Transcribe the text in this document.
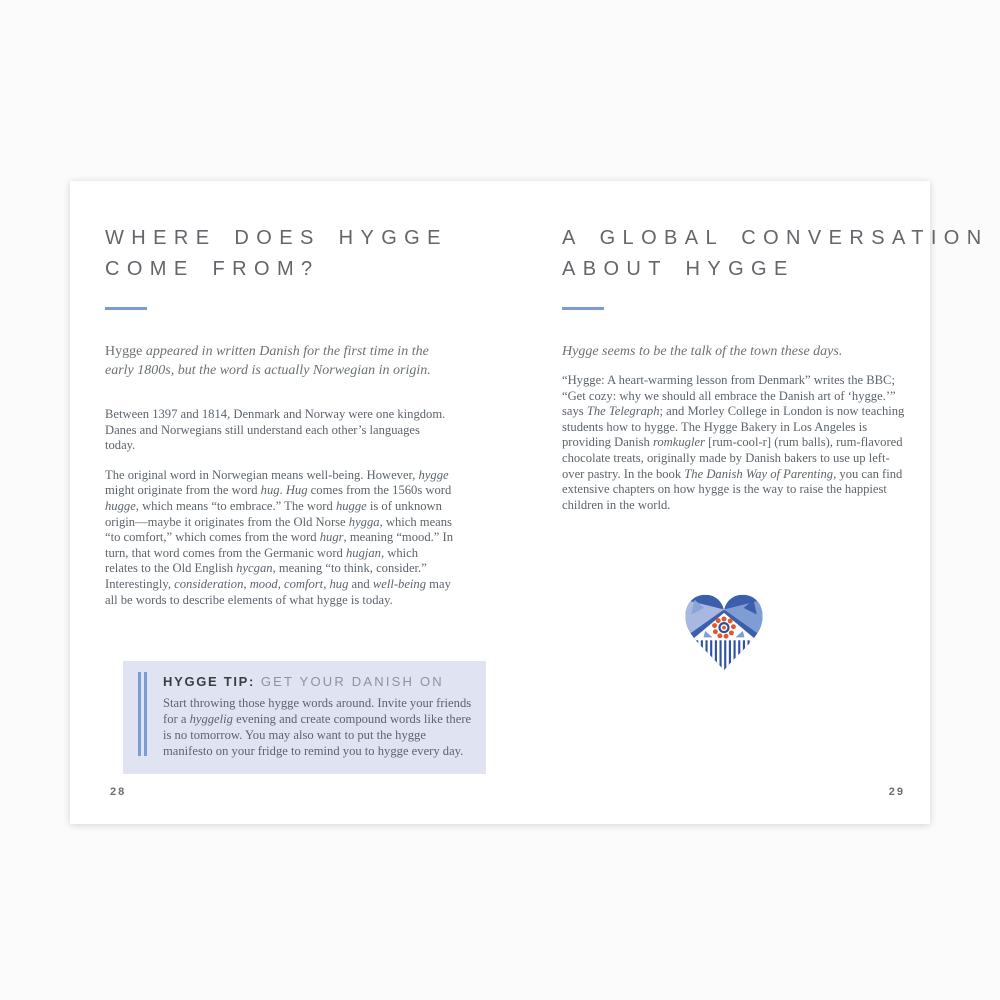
WHERE DOES HYGGE
COME FROM?
Hygge appeared in written Danish for the first time in the early 1800s, but the word is actually Norwegian in origin.

Between 1397 and 1814, Denmark and Norway were one kingdom. Danes and Norwegians still understand each other’s languages today.

The original word in Norwegian means well-being. However, hygge might originate from the word hug. Hug comes from the 1560s word hugge, which means “to embrace.” The word hugge is of unknown origin—maybe it originates from the Old Norse hygga, which means “to comfort,” which comes from the word hugr, meaning “mood.” In turn, that word comes from the Germanic word hugjan, which relates to the Old English hycgan, meaning “to think, consider.” Interestingly, consideration, mood, comfort, hug and well-being may all be words to describe elements of what hygge is today.

HYGGE TIP: GET YOUR DANISH ON
Start throwing those hygge words around. Invite your friends for a hyggelig evening and create compound words like there is no tomorrow. You may also want to put the hygge manifesto on your fridge to remind you to hygge every day.
28
A GLOBAL CONVERSATION
ABOUT HYGGE
Hygge seems to be the talk of the town these days.

“Hygge: A heart-warming lesson from Denmark” writes the BBC; “Get cozy: why we should all embrace the Danish art of ‘hygge.’” says The Telegraph; and Morley College in London is now teaching students how to hygge. The Hygge Bakery in Los Angeles is providing Danish romkugler [rum-cool-r] (rum balls), rum-flavored chocolate treats, originally made by Danish bakers to use up left-over pastry. In the book The Danish Way of Parenting, you can find extensive chapters on how hygge is the way to raise the happiest children in the world.

29
